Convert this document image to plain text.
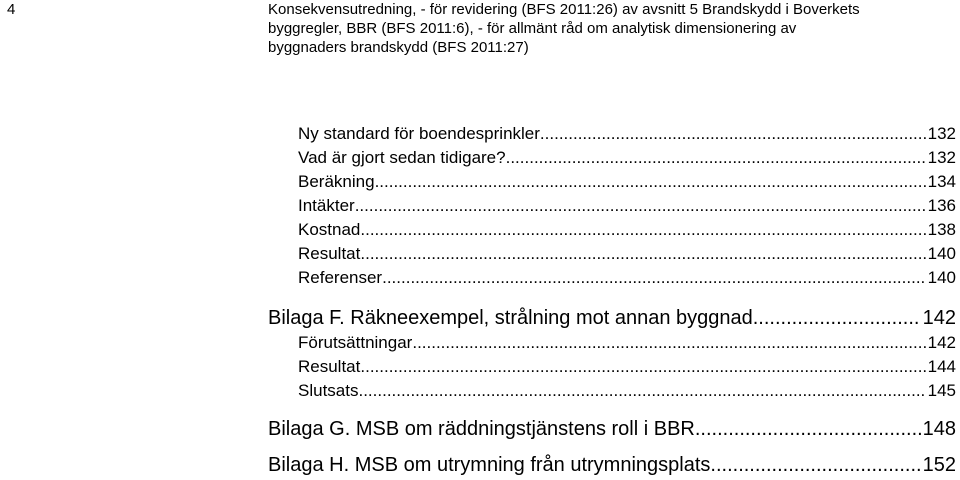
4	Konsekvensutredning, - för revidering (BFS 2011:26) av avsnitt 5 Brandskydd i Boverkets
byggregler, BBR (BFS 2011:6), - för allmänt råd om analytisk dimensionering av
byggnaders brandskydd (BFS 2011:27)
Ny standard för boendesprinkler .....	132
Vad är gjort sedan tidigare? .....	132
Beräkning .....	134
Intäkter .....	136
Kostnad .....	138
Resultat .....	140
Referenser .....	140
Bilaga F. Räkneexempel, strålning mot annan byggnad .....	142
Förutsättningar .....	142
Resultat .....	144
Slutsats .....	145
Bilaga G. MSB om räddningstjänstens roll i BBR .....	148
Bilaga H. MSB om utrymning från utrymningsplats .....	152
